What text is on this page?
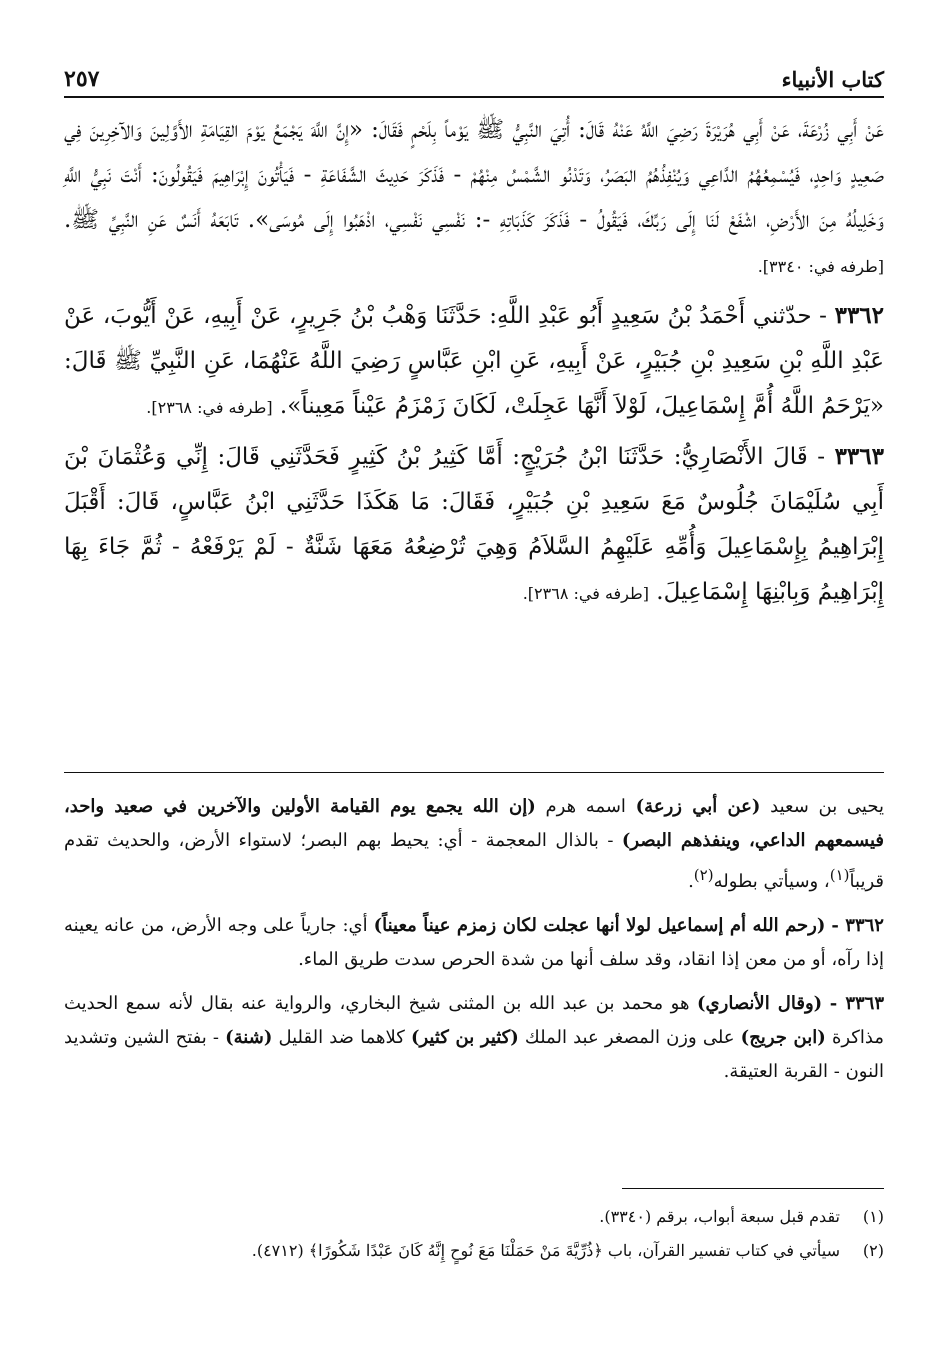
كتاب الأنبياء
٢٥٧

عَنْ أَبِي زُرْعَةَ، عَنْ أَبِي هُرَيْرَةَ رَضِيَ اللَّهُ عَنْهُ قَالَ: أُتِيَ النَّبِيُّ ﷺ يَوْماً بِلَحْمٍ فَقَالَ: «إِنَّ اللَّهَ يَجْمَعُ يَوْمَ القِيَامَةِ الأَوَّلِينَ وَالآخِرِينَ فِي صَعِيدٍ وَاحِدٍ، فَيُسْمِعُهُمُ الدَّاعِي وَيُنْفِذُهُمُ البَصَرُ، وَتَدْنُو الشَّمْسُ مِنْهُمْ - فَذَكَرَ حَدِيثَ الشَّفَاعَةِ - فَيَأْتُونَ إِبْرَاهِيمَ فَيَقُولُونَ: أَنْتَ نَبِيُّ اللَّهِ وَخَلِيلُهُ مِنَ الأَرْضِ، اشْفَعْ لَنَا إِلَى رَبِّكَ، فَيَقُولُ - فَذَكَرَ كَذَبَاتِهِ -: نَفْسِي نَفْسِي، اذْهَبُوا إِلَى مُوسَى». تَابَعَهُ أَنَسٌ عَنِ النَّبِيِّ ﷺ. [طرفه في: ٣٣٤٠].

٣٣٦٢ - حدّثني أَحْمَدُ بْنُ سَعِيدٍ أَبُو عَبْدِ اللَّهِ: حَدَّثَنَا وَهْبُ بْنُ جَرِيرٍ، عَنْ أَبِيهِ، عَنْ أَيُّوبَ، عَنْ عَبْدِ اللَّهِ بْنِ سَعِيدِ بْنِ جُبَيْرٍ، عَنْ أَبِيهِ، عَنِ ابْنِ عَبَّاسٍ رَضِيَ اللَّهُ عَنْهُمَا، عَنِ النَّبِيِّ ﷺ قَالَ: «يَرْحَمُ اللَّهُ أُمَّ إِسْمَاعِيلَ، لَوْلاَ أَنَّهَا عَجِلَتْ، لَكَانَ زَمْزَمُ عَيْناً مَعِيناً». [طرفه في: ٢٣٦٨].

٣٣٦٣ - قَالَ الأَنْصَارِيُّ: حَدَّثَنَا ابْنُ جُرَيْجٍ: أَمَّا كَثِيرُ بْنُ كَثِيرٍ فَحَدَّثَنِي قَالَ: إِنِّي وَعُثْمَانَ بْنَ أَبِي سُلَيْمَانَ جُلُوسٌ مَعَ سَعِيدِ بْنِ جُبَيْرٍ، فَقَالَ: مَا هَكَذَا حَدَّثَنِي ابْنُ عَبَّاسٍ، قَالَ: أَقْبَلَ إِبْرَاهِيمُ بِإِسْمَاعِيلَ وَأُمِّهِ عَلَيْهِمُ السَّلاَمُ وَهِيَ تُرْضِعُهُ مَعَهَا شَنَّةٌ - لَمْ يَرْفَعْهُ - ثُمَّ جَاءَ بِهَا إِبْرَاهِيمُ وَبِابْنِهَا إِسْمَاعِيلَ. [طرفه في: ٢٣٦٨].

يحيى بن سعيد (عن أبي زرعة) اسمه هرم (إن الله يجمع يوم القيامة الأولين والآخرين في صعيد واحد، فيسمعهم الداعي، وينفذهم البصر) - بالذال المعجمة - أي: يحيط بهم البصر؛ لاستواء الأرض، والحديث تقدم قريباً$^{(١)}$، وسيأتي بطوله$^{(٢)}$.

٣٣٦٢ - (رحم الله أم إسماعيل لولا أنها عجلت لكان زمزم عيناً معيناً) أي: جارياً على وجه الأرض، من عانه يعينه إذا رآه، أو من معن إذا انقاد، وقد سلف أنها من شدة الحرص سدت طريق الماء.

٣٣٦٣ - (وقال الأنصاري) هو محمد بن عبد الله بن المثنى شيخ البخاري، والرواية عنه بقال لأنه سمع الحديث مذاكرة (ابن جريج) على وزن المصغر عبد الملك (كثير بن كثير) كلاهما ضد القليل (شنة) - بفتح الشين وتشديد النون - القربة العتيقة.

(١)تقدم قبل سبعة أبواب، برقم (٣٣٤٠).
(٢)سيأتي في كتاب تفسير القرآن، باب ﴿ذُرِّيَّةَ مَنْ حَمَلْنَا مَعَ نُوحٍ إِنَّهُ كَانَ عَبْدًا شَكُورًا﴾ (٤٧١٢).
